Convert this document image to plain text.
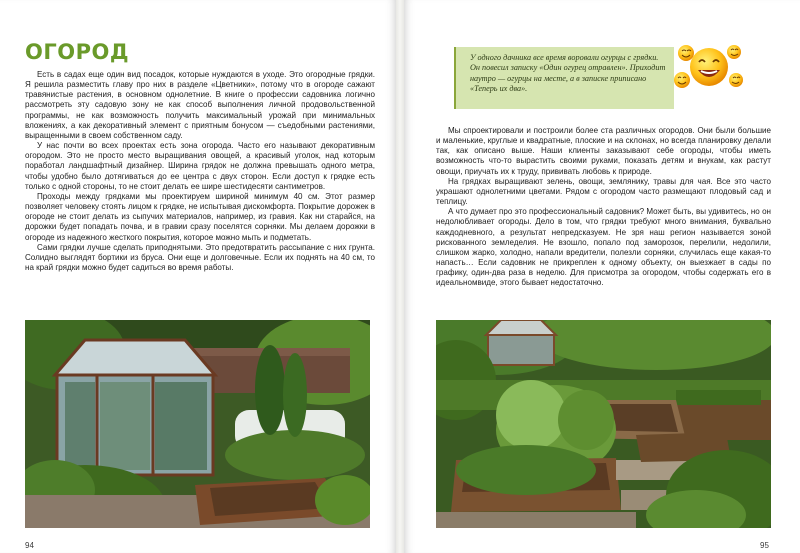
ОГОРОД

Есть в садах еще один вид посадок, которые нуждаются в уходе. Это огородные грядки. Я решила разместить главу про них в разделе «Цветники», потому что в огороде сажают травянистые растения, в основном однолетние. В книге о профессии садовника логично рассмотреть эту садовую зону не как способ выполнения личной продовольственной программы, не как возможность получить максимальный урожай при минимальных вложениях, а как декоративный элемент с приятным бонусом — съедобными растениями, выращенными в своем собственном саду.

У нас почти во всех проектах есть зона огорода. Часто его называют декоративным огородом. Это не просто место выращивания овощей, а красивый уголок, над которым поработал ландшафтный дизайнер. Ширина грядок не должна превышать одного метра, чтобы удобно было дотягиваться до ее центра с двух сторон. Если доступ к грядке есть только с одной стороны, то не стоит делать ее шире шестидесяти сантиметров.

Проходы между грядками мы проектируем шириной минимум 40 см. Этот размер позволяет человеку стоять лицом к грядке, не испытывая дискомфорта. Покрытие дорожек в огороде не стоит делать из сыпучих материалов, например, из гравия. Как ни старайся, на дорожки будет попадать почва, и в гравии сразу поселятся сорняки. Мы делаем дорожки в огороде из надежного жесткого покрытия, которое можно мыть и подметать.

Сами грядки лучше сделать приподнятыми. Это предотвратить рассыпание с них грунта. Солидно выглядят бортики из бруса. Они еще и долговечные. Если их поднять на 40 см, то на край грядки можно будет садиться во время работы.

94

У одного дачника все время воровали огурцы с грядки. Он повесил записку «Один огурец отравлен». Приходит наутро — огурцы на месте, а в записке приписано «Теперь их два».

Мы спроектировали и построили более ста различных огородов. Они были большие и маленькие, круглые и квадратные, плоские и на склонах, но всегда планировку делали так, как описано выше. Наши клиенты заказывают себе огороды, чтобы иметь возможность что-то вырастить своими руками, показать детям и внукам, как растут овощи, приучать их к труду, прививать любовь к природе.

На грядках выращивают зелень, овощи, землянику, травы для чая. Все это часто украшают однолетними цветами. Рядом с огородом часто размещают плодовый сад и теплицу.

А что думает про это профессиональный садовник? Может быть, вы удивитесь, но он недолюбливает огороды. Дело в том, что грядки требуют много внимания, буквально каждодневного, а результат непредсказуем. Не зря наш регион называется зоной рискованного земледелия. Не взошло, попало под заморозок, перелили, недолили, слишком жарко, холодно, напали вредители, полезли сорняки, случилась еще какая-то напасть… Если садовник не прикреплен к одному объекту, он выезжает в сады по графику, один-два раза в неделю. Для присмотра за огородом, чтобы содержать его в идеальномвиде, этого бывает недостаточно.

95
